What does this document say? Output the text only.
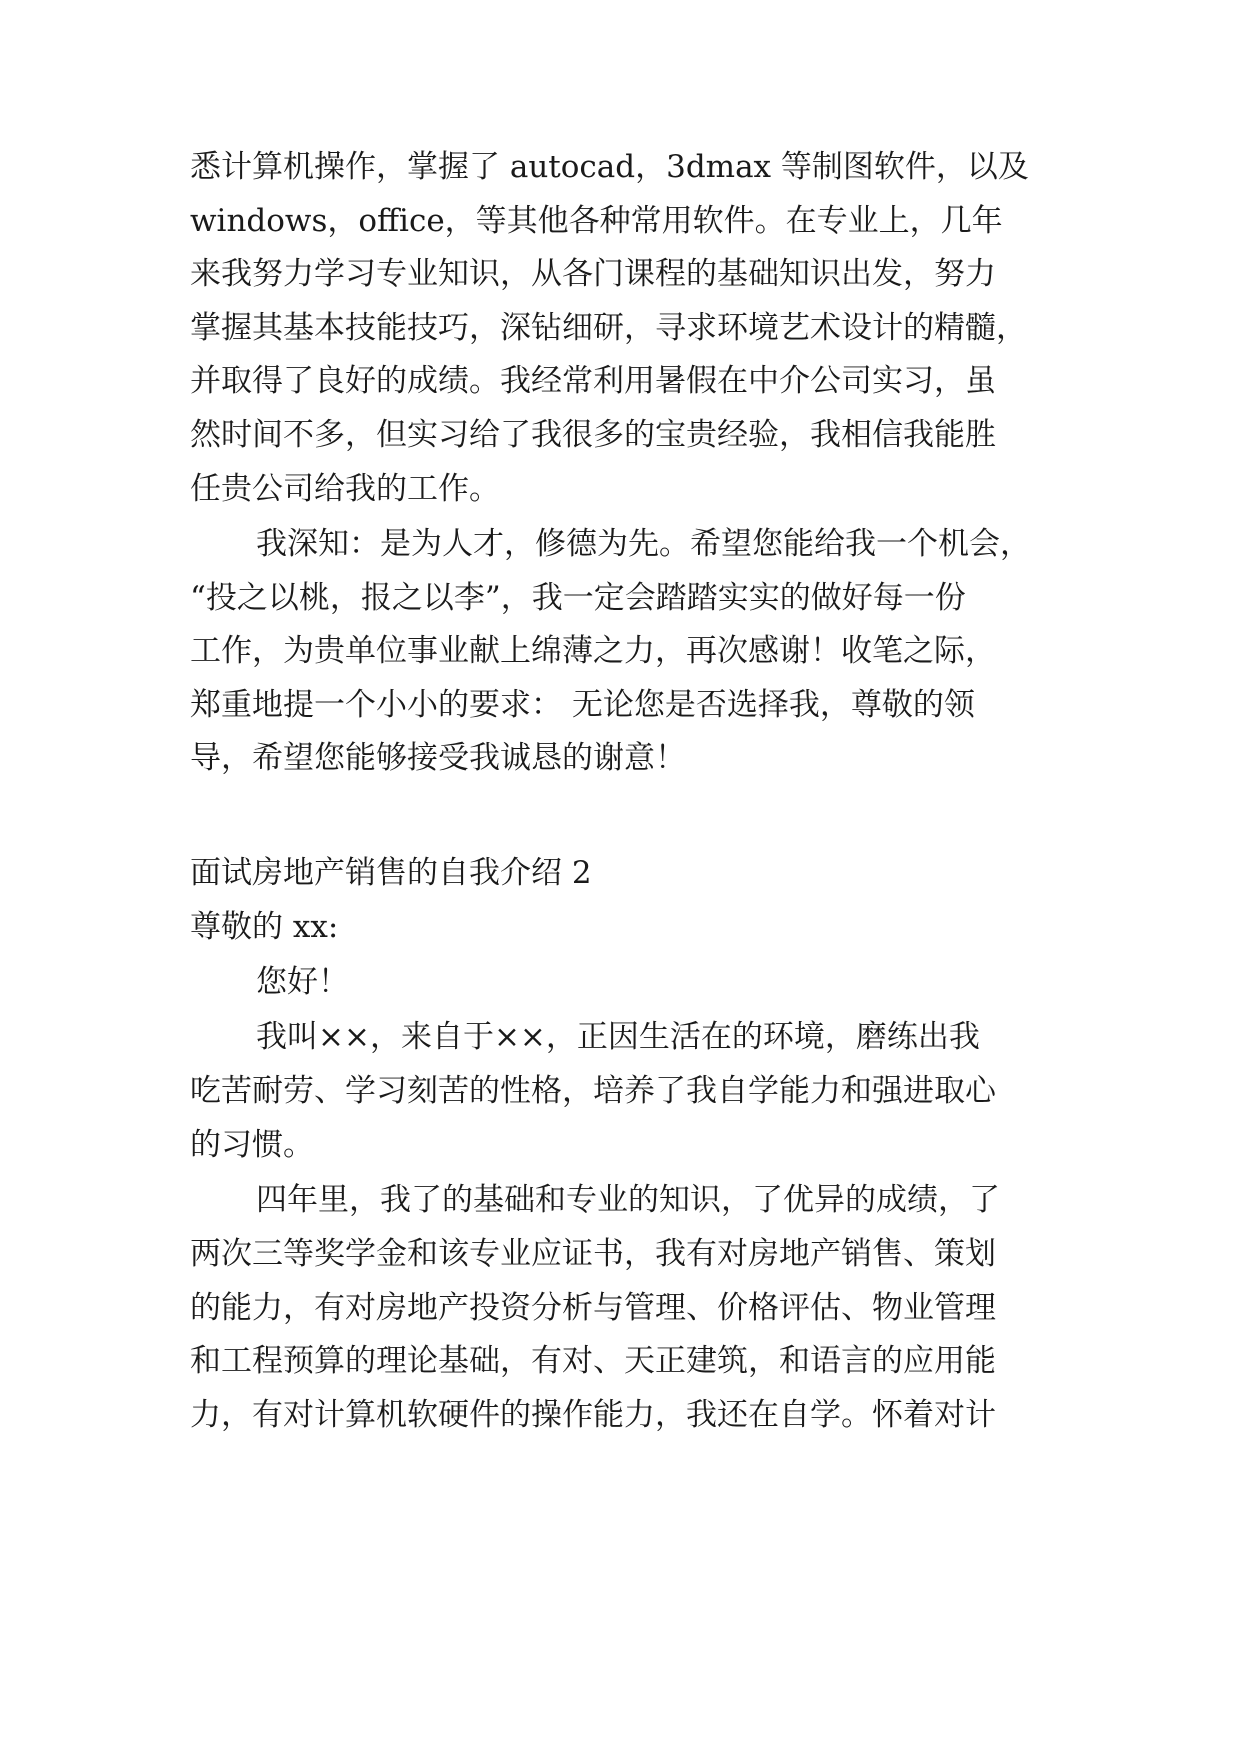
悉计算机操作，掌握了 autocad，3dmax 等制图软件，以及
windows，office，等其他各种常用软件。在专业上，几年
来我努力学习专业知识，从各门课程的基础知识出发，努力
掌握其基本技能技巧，深钻细研，寻求环境艺术设计的精髓，
并取得了良好的成绩。我经常利用暑假在中介公司实习，虽
然时间不多，但实习给了我很多的宝贵经验，我相信我能胜
任贵公司给我的工作。
我深知：是为人才，修德为先。希望您能给我一个机会，
“投之以桃，报之以李”，我一定会踏踏实实的做好每一份
工作，为贵单位事业献上绵薄之力，再次感谢！收笔之际，
郑重地提一个小小的要求： 无论您是否选择我，尊敬的领
导，希望您能够接受我诚恳的谢意！
面试房地产销售的自我介绍 2
尊敬的 xx:
您好！
我叫××，来自于××，正因生活在的环境，磨练出我
吃苦耐劳、学习刻苦的性格，培养了我自学能力和强进取心
的习惯。
四年里，我了的基础和专业的知识，了优异的成绩，了
两次三等奖学金和该专业应证书，我有对房地产销售、策划
的能力，有对房地产投资分析与管理、价格评估、物业管理
和工程预算的理论基础，有对、天正建筑，和语言的应用能
力，有对计算机软硬件的操作能力，我还在自学。怀着对计
